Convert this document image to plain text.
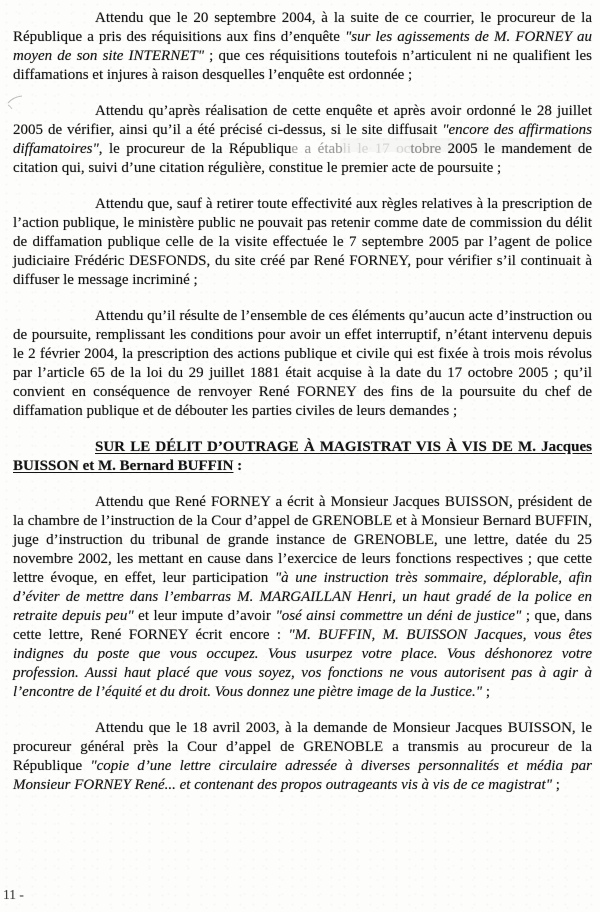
Attendu que le 20 septembre 2004, à la suite de ce courrier, le procureur de la République a pris des réquisitions aux fins d’enquête "sur les agissements de M. FORNEY au moyen de son site INTERNET" ; que ces réquisitions toutefois n’articulent ni ne qualifient les diffamations et injures à raison desquelles l’enquête est ordonnée ;

Attendu qu’après réalisation de cette enquête et après avoir ordonné le 28 juillet 2005 de vérifier, ainsi qu’il a été précisé ci-dessus, si le site diffusait "encore des affirmations diffamatoires", le procureur de la République a établi le 17 octobre 2005 le mandement de citation qui, suivi d’une citation régulière, constitue le premier acte de poursuite ;

Attendu que, sauf à retirer toute effectivité aux règles relatives à la prescription de l’action publique, le ministère public ne pouvait pas retenir comme date de commission du délit de diffamation publique celle de la visite effectuée le 7 septembre 2005 par l’agent de police judiciaire Frédéric DESFONDS, du site créé par René FORNEY, pour vérifier s’il continuait à diffuser le message incriminé ;

Attendu qu’il résulte de l’ensemble de ces éléments qu’aucun acte d’instruction ou de poursuite, remplissant les conditions pour avoir un effet interruptif, n’étant intervenu depuis le 2 février 2004, la prescription des actions publique et civile qui est fixée à trois mois révolus par l’article 65 de la loi du 29 juillet 1881 était acquise à la date du 17 octobre 2005 ; qu’il convient en conséquence de renvoyer René FORNEY des fins de la poursuite du chef de diffamation publique et de débouter les parties civiles de leurs demandes ;

SUR LE DÉLIT D’OUTRAGE À MAGISTRAT VIS À VIS DE M. Jacques BUISSON et M. Bernard BUFFIN :

Attendu que René FORNEY a écrit à Monsieur Jacques BUISSON, président de la chambre de l’instruction de la Cour d’appel de GRENOBLE et à Monsieur Bernard BUFFIN, juge d’instruction du tribunal de grande instance de GRENOBLE, une lettre, datée du 25 novembre 2002, les mettant en cause dans l’exercice de leurs fonctions respectives ; que cette lettre évoque, en effet, leur participation "à une instruction très sommaire, déplorable, afin d’éviter de mettre dans l’embarras M. MARGAILLAN Henri, un haut gradé de la police en retraite depuis peu" et leur impute d’avoir "osé ainsi commettre un déni de justice" ; que, dans cette lettre, René FORNEY écrit encore : "M. BUFFIN, M. BUISSON Jacques, vous êtes indignes du poste que vous occupez. Vous usurpez votre place. Vous déshonorez votre profession. Aussi haut placé que vous soyez, vos fonctions ne vous autorisent pas à agir à l’encontre de l’équité et du droit. Vous donnez une piètre image de la Justice." ;

Attendu que le 18 avril 2003, à la demande de Monsieur Jacques BUISSON, le procureur général près la Cour d’appel de GRENOBLE a transmis au procureur de la République "copie d’une lettre circulaire adressée à diverses personnalités et média par Monsieur FORNEY René... et contenant des propos outrageants vis à vis de ce magistrat" ;

11 -
